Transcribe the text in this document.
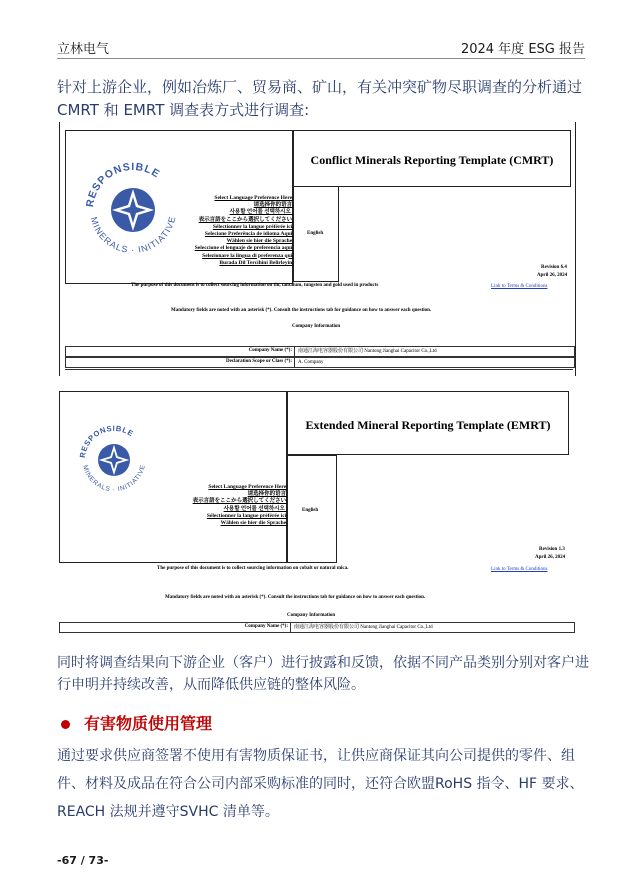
立林电气	2024 年度 ESG 报告
针对上游企业，例如冶炼厂、贸易商、矿山，有关冲突矿物尽职调查的分析通过 CMRT 和 EMRT 调查表方式进行调查:
RESPONSIBLE
MINERALS · INITIATIVE
Select Language Preference Here:
请选择你的语言:
사용할 언어를 선택하시오 :
表示言語をここから選択してください:
Sélectionner la langue préférée ici:
Selecione Preferência de idioma Aqui:
Wählen sie hier die Sprache:
Seleccione el lenguaje de preferencia aquí:
Selezionare la lingua di preferenza qui:
Burada Dil Tercihini Belirleyin:
Conflict Minerals Reporting Template (CMRT)
English
Revision 6.4
April 26, 2024
The purpose of this document is to collect sourcing information on tin, tantalum, tungsten and gold used in products	Link to Terms & Conditions
Mandatory fields are noted with an asterisk (*). Consult the instructions tab for guidance on how to answer each question.
Company Information
Company Name (*):	南通江海电容器股份有限公司 Nantong Jianghai Capacitor Co.,Ltd
Declaration Scope or Class (*):	A. Company
RESPONSIBLE
MINERALS · INITIATIVE
Select Language Preference Here:
请选择你的语言:
表示言語をここから選択してください:
사용할 언어를 선택하시오 :
Sélectionner la langue préférée ici:
Wählen sie hier die Sprache:
Extended Mineral Reporting Template (EMRT)
English
Revision 1.3
April 26, 2024
The purpose of this document is to collect sourcing information on cobalt or natural mica.	Link to Terms & Conditions
Mandatory fields are noted with an asterisk (*). Consult the instructions tab for guidance on how to answer each question.
Company Information
Company Name (*):	南通江海电容器股份有限公司 Nantong Jianghai Capacitor Co.,Ltd
同时将调查结果向下游企业（客户）进行披露和反馈，依据不同产品类别分别对客户进行申明并持续改善，从而降低供应链的整体风险。
有害物质使用管理
通过要求供应商签署不使用有害物质保证书，让供应商保证其向公司提供的零件、组件、材料及成品在符合公司内部采购标准的同时，还符合欧盟RoHS 指令、HF 要求、REACH 法规并遵守SVHC 清单等。
-67 / 73-
